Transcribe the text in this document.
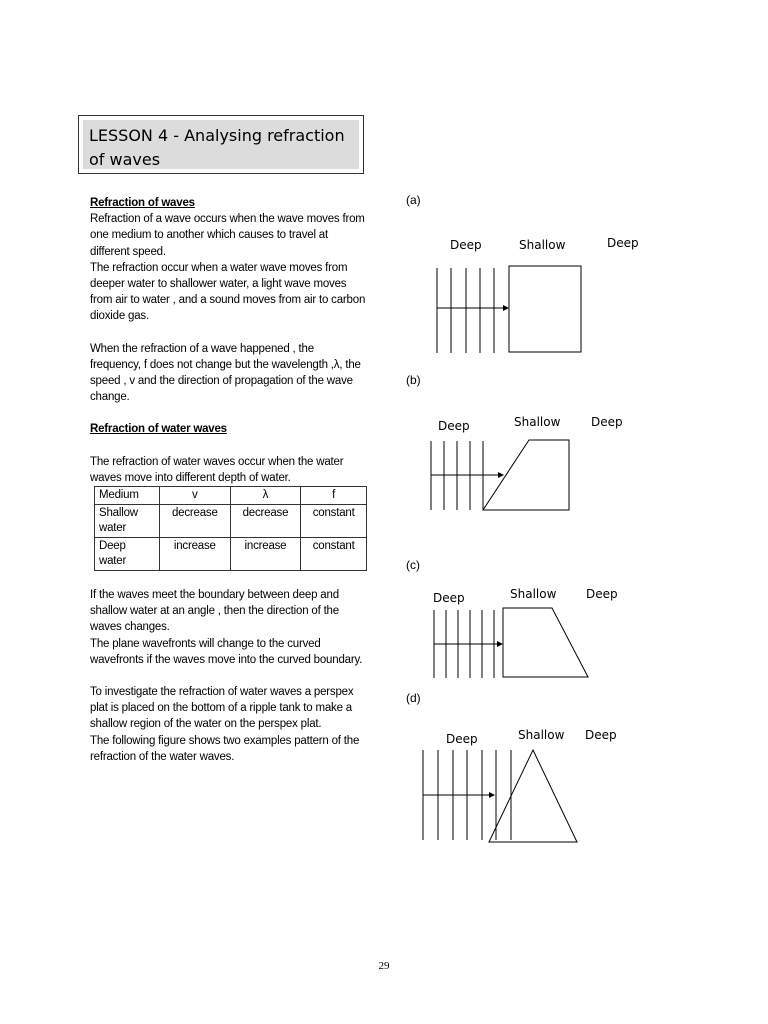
LESSON 4 - Analysing refraction
of waves
Refraction of waves

Refraction of a wave occurs when the wave moves from one medium to another which causes to travel at different speed.

The refraction occur when a water wave moves from deeper water to shallower water, a light wave moves from air to water , and a sound moves from air to carbon dioxide gas.

When the refraction of a wave happened , the frequency, f does not change but the wavelength ,λ, the speed , v and the direction of propagation of the wave change.

Refraction of water waves

The refraction of water waves occur when the water waves move into different depth of water.

Medium	v	λ	f
Shallow water	decrease	decrease	constant
Deep water	increase	increase	constant

If the waves meet the boundary between deep and shallow water at an angle , then the direction of the waves changes.

The plane wavefronts will change to the curved wavefronts if the waves move into the curved boundary.

To investigate the refraction of water waves a perspex plat is placed on the bottom of a ripple tank to make a shallow region of the water on the perspex plat.

The following figure shows two examples pattern of the refraction of the water waves.

(a)
Deep	Shallow	Deep
(b)
Deep	Shallow	Deep
(c)
Deep	Shallow Deep
(d)
Deep	Shallow Deep
29
